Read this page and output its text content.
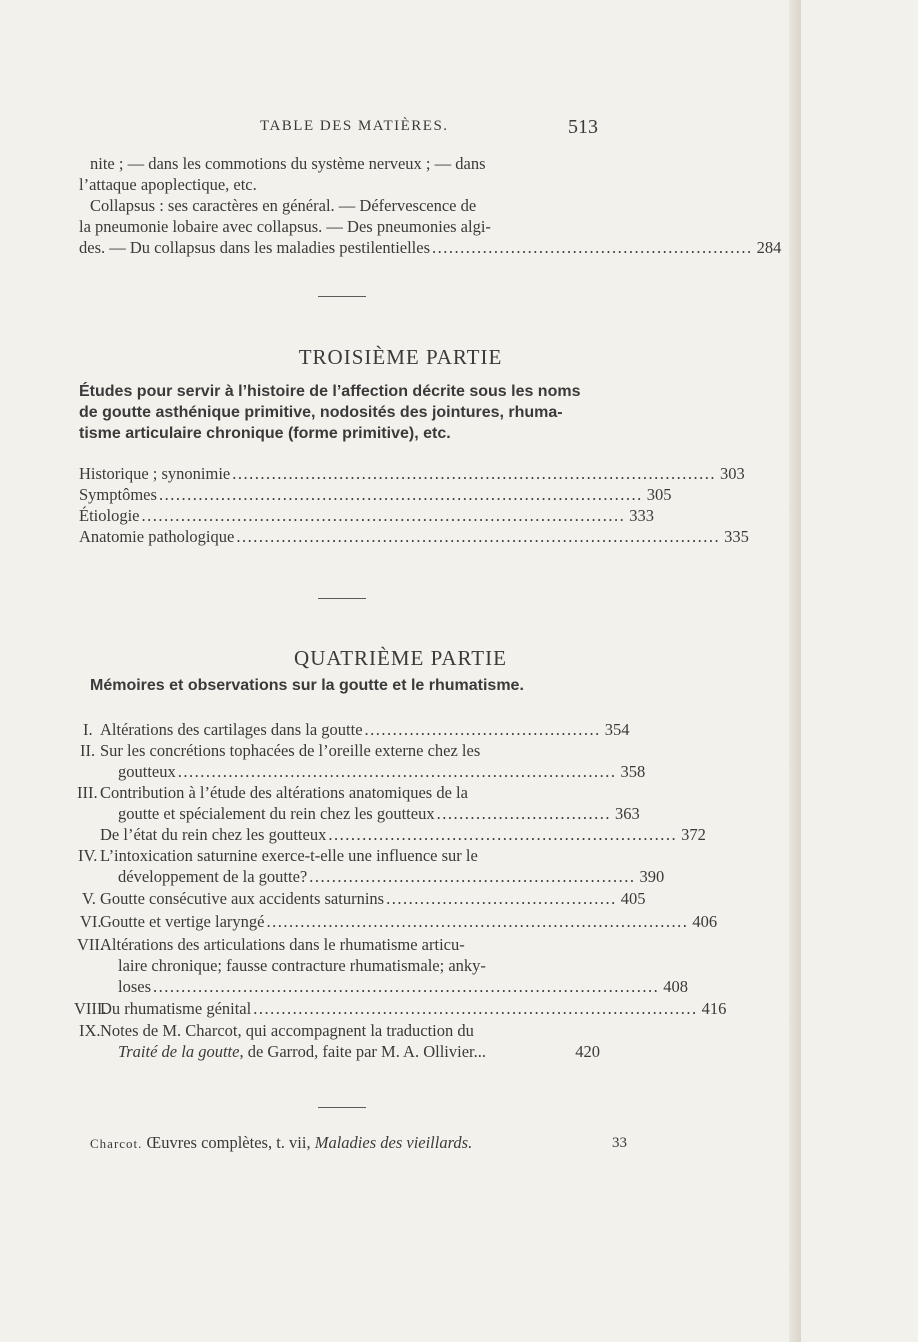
TABLE DES MATIÈRES.	513
nite ; — dans les commotions du système nerveux ; — dans
l’attaque apoplectique, etc.
Collapsus : ses caractères en général. — Défervescence de
la pneumonie lobaire avec collapsus. — Des pneumonies algi-
des. — Du collapsus dans les maladies pestilentielles ......................................................... 284
TROISIÈME PARTIE
Études pour servir à l’histoire de l’affection décrite sous les noms
de goutte asthénique primitive, nodosités des jointures, rhuma-
tisme articulaire chronique (forme primitive), etc.
Historique ; synonimie ...................................................................................... 303
Symptômes ...................................................................................... 305
Étiologie ...................................................................................... 333
Anatomie pathologique ...................................................................................... 335
QUATRIÈME PARTIE
Mémoires et observations sur la goutte et le rhumatisme.
I. Altérations des cartilages dans la goutte .......................................... 354
II. Sur les concrétions tophacées de l’oreille externe chez les
goutteux .............................................................................. 358
III. Contribution à l’étude des altérations anatomiques de la
goutte et spécialement du rein chez les goutteux ............................... 363
De l’état du rein chez les goutteux .............................................................. 372
IV. L’intoxication saturnine exerce-t-elle une influence sur le
développement de la goutte? .......................................................... 390
V. Goutte consécutive aux accidents saturnins ......................................... 405
VI.
Goutte et vertige laryngé ........................................................................... 406
VII.
Altérations des articulations dans le rhumatisme articu-
laire chronique; fausse contracture rhumatismale; anky-
loses .......................................................................................... 408
VIII.
Du rhumatisme génital ............................................................................... 416
IX. Notes de M. Charcot, qui accompagnent la traduction du
Traité de la goutte, de Garrod, faite par M. A. Ollivier...	420
Charcot. Œuvres complètes, t. vii, Maladies des vieillards.	33
